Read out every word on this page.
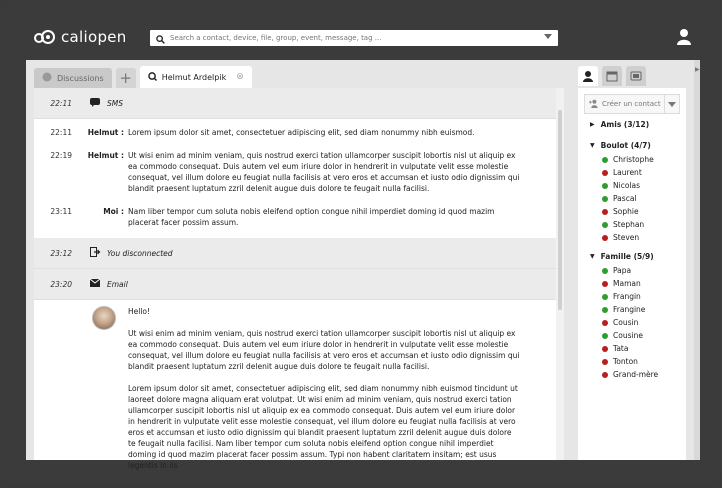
caliopen
Search a contact, device, file, group, event, message, tag ...
Discussions +	Helmut Ardelpik ⊗
22:11	SMS
22:11	Helmut : Lorem ipsum dolor sit amet, consectetuer adipiscing elit, sed diam nonummy nibh euismod.
22:19	Helmut : Ut wisi enim ad minim veniam, quis nostrud exerci tation ullamcorper suscipit lobortis nisl ut aliquip ex ea commodo consequat. Duis autem vel eum iriure dolor in hendrerit in vulputate velit esse molestie consequat, vel illum dolore eu feugiat nulla facilisis at vero eros et accumsan et iusto odio dignissim qui blandit praesent luptatum zzril delenit augue duis dolore te feugait nulla facilisi.
23:11	Moi : Nam liber tempor cum soluta nobis eleifend option congue nihil imperdiet doming id quod mazim placerat facer possim assum.
23:12	You disconnected
23:20	Email

Hello!

Ut wisi enim ad minim veniam, quis nostrud exerci tation ullamcorper suscipit lobortis nisl ut aliquip ex ea commodo consequat. Duis autem vel eum iriure dolor in hendrerit in vulputate velit esse molestie consequat, vel illum dolore eu feugiat nulla facilisis at vero eros et accumsan et iusto odio dignissim qui blandit praesent luptatum zzril delenit augue duis dolore te feugait nulla facilisi.

Lorem ipsum dolor sit amet, consectetuer adipiscing elit, sed diam nonummy nibh euismod tincidunt ut laoreet dolore magna aliquam erat volutpat. Ut wisi enim ad minim veniam, quis nostrud exerci tation ullamcorper suscipit lobortis nisl ut aliquip ex ea commodo consequat. Duis autem vel eum iriure dolor in hendrerit in vulputate velit esse molestie consequat, vel illum dolore eu feugiat nulla facilisis at vero eros et accumsan et iusto odio dignissim qui blandit praesent luptatum zzril delenit augue duis dolore te feugait nulla facilisi. Nam liber tempor cum soluta nobis eleifend option congue nihil imperdiet doming id quod mazim placerat facer possim assum. Typi non habent claritatem insitam; est usus legentis in iis

Créer un contact
▶ Amis (3/12)
▼ Boulot (4/7)
Christophe
Laurent
Nicolas
Pascal
Sophie
Stephan
Steven
▼ Famille (5/9)
Papa
Maman
Frangin
Frangine
Cousin
Cousine
Tata
Tonton
Grand-mère
▶
